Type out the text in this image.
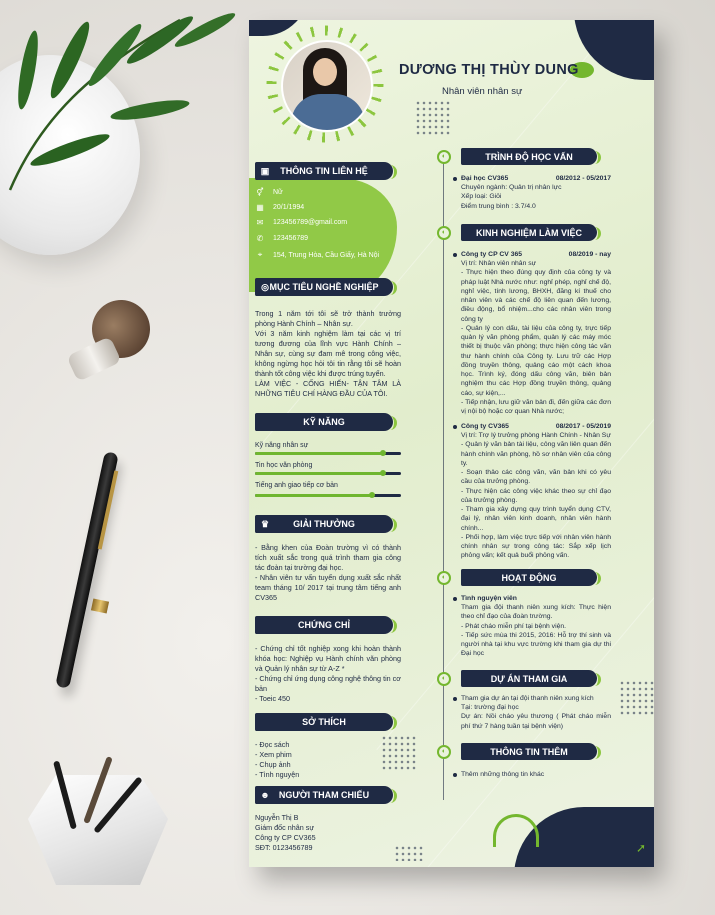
DƯƠNG THỊ THÙY DUNG
Nhân viên nhân sự
▣ THÔNG TIN LIÊN HỆ
⚥ Nữ
▦ 20/1/1994
✉ 123456789@gmail.com
✆ 123456789
⌖	154, Trung Hòa, Cầu Giấy, Hà Nội
◎ MỤC TIÊU NGHỀ NGHIỆP

Trong 1 năm tới tôi sẽ trở thành trưởng phòng Hành Chính – Nhân sự.

Với 3 năm kinh nghiệm làm tại các vị trí tương đương của lĩnh vực Hành Chính – Nhân sự, cùng sự đam mê trong công việc, không ngừng học hỏi tôi tin rằng tôi sẽ hoàn thành tốt công việc khi được trúng tuyển.

LÀM VIỆC - CỐNG HIẾN- TẬN TÂM LÀ NHỮNG TIÊU CHÍ HÀNG ĐẦU CỦA TÔI.

KỸ NĂNG
Kỹ năng nhân sự
Tin học văn phòng
Tiếng anh giao tiếp cơ bản
♛	GIẢI THƯỞNG

- Bằng khen của Đoàn trường vì có thành tích xuất sắc trong quá trình tham gia công tác đoàn tại trường đại học.

- Nhân viên tư vấn tuyển dụng xuất sắc nhất team tháng 10/ 2017 tại trung tâm tiếng anh CV365

CHỨNG CHỈ

- Chứng chỉ tốt nghiệp xong khi hoàn thành khóa học: Nghiệp vụ Hành chính văn phòng và Quản lý nhân sự từ A-Z *

- Chứng chỉ ứng dụng công nghệ thông tin cơ bản

- Toeic 450

SỞ THÍCH

- Đọc sách

- Xem phim

- Chụp ảnh

- Tình nguyện

☻ NGƯỜI THAM CHIẾU

Nguyễn Thị B

Giám đốc nhân sự

Công ty CP CV365

SĐT: 0123456789

◐	TRÌNH ĐỘ HỌC VẤN
Đại học CV365	08/2012 - 05/2017

Chuyên ngành: Quản trị nhân lực

Xếp loại: Giỏi

Điểm trung bình : 3.7/4.0

◐	KINH NGHIỆM LÀM VIỆC
Công ty CP CV 365	08/2019 - nay

Vị trí: Nhân viên nhân sự

- Thực hiện theo đúng quy định của công ty và pháp luật Nhà nước như: nghỉ phép, nghỉ chế độ, nghỉ việc, tính lương, BHXH, đăng kí thuế cho nhân viên và các chế độ liên quan đến lương, điều động, bổ nhiệm...cho các nhân viên trong công ty

- Quản lý con dấu, tài liệu của công ty, trực tiếp quản lý văn phòng phẩm, quản lý các máy móc thiết bị thuộc văn phòng; thực hiện công tác văn thư hành chính của Công ty. Lưu trữ các Hợp đồng truyền thông, quảng cáo một cách khoa học. Trình ký, đóng dấu công văn, biên bản nghiệm thu các Hợp đồng truyền thông, quảng cáo, sự kiện,...

- Tiếp nhận, lưu giữ văn bản đi, đến giữa các đơn vị nội bộ hoặc cơ quan Nhà nước;

Công ty CV365	08/2017 - 05/2019

Vị trí: Trợ lý trưởng phòng Hành Chính - Nhân Sự

- Quản lý văn bản tài liệu, công văn liên quan đến hành chính văn phòng, hồ sơ nhân viên của công ty.

- Soạn thảo các công văn, văn bản khi có yêu cầu của trưởng phòng.

- Thực hiện các công việc khác theo sự chỉ đạo của trưởng phòng.

- Tham gia xây dựng quy trình tuyển dụng CTV, đại lý, nhân viên kinh doanh, nhân viên hành chính...

- Phối hợp, làm việc trực tiếp với nhân viên hành chính nhân sự trong công tác: Sắp xếp lịch phỏng vấn; kết quả buổi phỏng vấn.

◐	HOẠT ĐỘNG

Tình nguyện viên

Tham gia đội thanh niên xung kích: Thực hiện theo chỉ đạo của đoàn trường.

- Phát cháo miễn phí tại bệnh viện.

- Tiếp sức mùa thi 2015, 2016: Hỗ trợ thí sinh và người nhà tại khu vực trường khi tham gia dự thi Đại học

◐	DỰ ÁN THAM GIA

Tham gia dự án tại đội thanh niên xung kích

Tại: trường đại học

Dự án: Nồi cháo yêu thương ( Phát cháo miễn phí thứ 7 hàng tuần tại bệnh viện)

◐	THÔNG TIN THÊM

Thêm những thông tin khác

➚
